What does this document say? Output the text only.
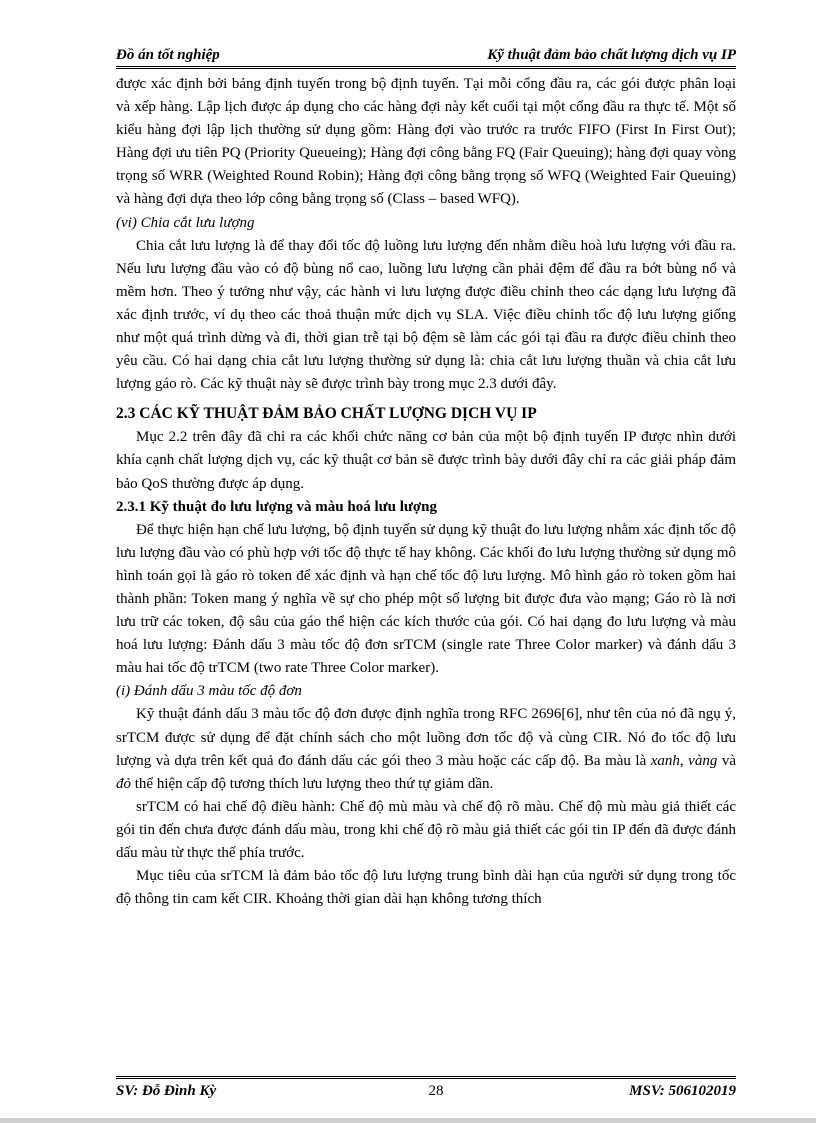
Đồ án tốt nghiệp	Kỹ thuật đảm bảo chất lượng dịch vụ IP

được xác định bởi bảng định tuyến trong bộ định tuyến. Tại mỗi cổng đầu ra, các gói được phân loại và xếp hàng. Lập lịch được áp dụng cho các hàng đợi này kết cuối tại một cổng đầu ra thực tế. Một số kiểu hàng đợi lập lịch thường sử dụng gồm: Hàng đợi vào trước ra trước FIFO (First In First Out); Hàng đợi ưu tiên PQ (Priority Queueing); Hàng đợi công bằng FQ (Fair Queuing); hàng đợi quay vòng trọng số WRR (Weighted Round Robin); Hàng đợi công bằng trọng số WFQ (Weighted Fair Queuing) và hàng đợi dựa theo lớp công bằng trọng số (Class – based WFQ).

(vi) Chia cắt lưu lượng

Chia cắt lưu lượng là để thay đổi tốc độ luồng lưu lượng đến nhằm điều hoà lưu lượng với đầu ra. Nếu lưu lượng đầu vào có độ bùng nổ cao, luồng lưu lượng cần phải đệm để đầu ra bớt bùng nổ và mềm hơn. Theo ý tưởng như vậy, các hành vi lưu lượng được điều chỉnh theo các dạng lưu lượng đã xác định trước, ví dụ theo các thoả thuận mức dịch vụ SLA. Việc điều chỉnh tốc độ lưu lượng giống như một quá trình dừng và đi, thời gian trễ tại bộ đệm sẽ làm các gói tại đầu ra được điều chỉnh theo yêu cầu. Có hai dạng chia cắt lưu lượng thường sử dụng là: chia cắt lưu lượng thuần và chia cắt lưu lượng gáo rò. Các kỹ thuật này sẽ được trình bày trong mục 2.3 dưới đây.

2.3 CÁC KỸ THUẬT ĐẢM BẢO CHẤT LƯỢNG DỊCH VỤ IP

Mục 2.2 trên đây đã chỉ ra các khối chức năng cơ bản của một bộ định tuyến IP được nhìn dưới khía cạnh chất lượng dịch vụ, các kỹ thuật cơ bản sẽ được trình bày dưới đây chỉ ra các giải pháp đảm bảo QoS thường được áp dụng.

2.3.1 Kỹ thuật đo lưu lượng và màu hoá lưu lượng

Để thực hiện hạn chế lưu lượng, bộ định tuyến sử dụng kỹ thuật đo lưu lượng nhằm xác định tốc độ lưu lượng đầu vào có phù hợp với tốc độ thực tế hay không. Các khối đo lưu lượng thường sử dụng mô hình toán gọi là gáo rò token để xác định và hạn chế tốc độ lưu lượng. Mô hình gáo rò token gồm hai thành phần: Token mang ý nghĩa về sự cho phép một số lượng bit được đưa vào mạng; Gáo rò là nơi lưu trữ các token, độ sâu của gáo thể hiện các kích thước của gói. Có hai dạng đo lưu lượng và màu hoá lưu lượng: Đánh dấu 3 màu tốc độ đơn srTCM (single rate Three Color marker) và đánh dấu 3 màu hai tốc độ trTCM (two rate Three Color marker).

(i) Đánh dấu 3 màu tốc độ đơn

Kỹ thuật đánh dấu 3 màu tốc độ đơn được định nghĩa trong RFC 2696[6], như tên của nó đã ngụ ý, srTCM được sử dụng để đặt chính sách cho một luồng đơn tốc độ và cùng CIR. Nó đo tốc độ lưu lượng và dựa trên kết quả đo đánh dấu các gói theo 3 màu hoặc các cấp độ. Ba màu là xanh, vàng và đỏ thể hiện cấp độ tương thích lưu lượng theo thứ tự giảm dần.

srTCM có hai chế độ điều hành: Chế độ mù màu và chế độ rõ màu. Chế độ mù màu giả thiết các gói tin đến chưa được đánh dấu màu, trong khi chế độ rõ màu giả thiết các gói tin IP đến đã được đánh dấu màu từ thực thể phía trước.

Mục tiêu của srTCM là đảm bảo tốc độ lưu lượng trung bình dài hạn của người sử dụng trong tốc độ thông tin cam kết CIR. Khoảng thời gian dài hạn không tương thích

SV: Đỗ Đình Kỳ	28	MSV: 506102019
